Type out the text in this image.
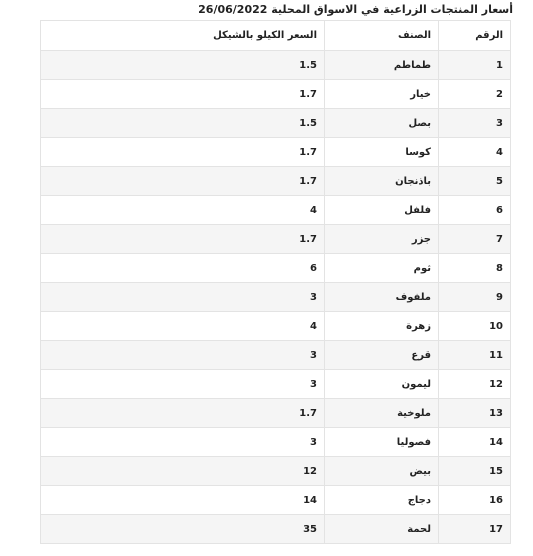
أسعار المنتجات الزراعية في الاسواق المحلية 26/06/2022
الرقم	الصنف	السعر الكيلو بالشيكل
1	طماطم	1.5
2	خيار	1.7
3	بصل	1.5
4	كوسا	1.7
5	باذنجان	1.7
6	فلفل	4
7	جزر	1.7
8	ثوم	6
9	ملفوف	3
10	زهرة	4
11	قرع	3
12	ليمون	3
13	ملوخية	1.7
14	فصوليا	3
15	بيض	12
16	دجاج	14
17	لحمة	35
